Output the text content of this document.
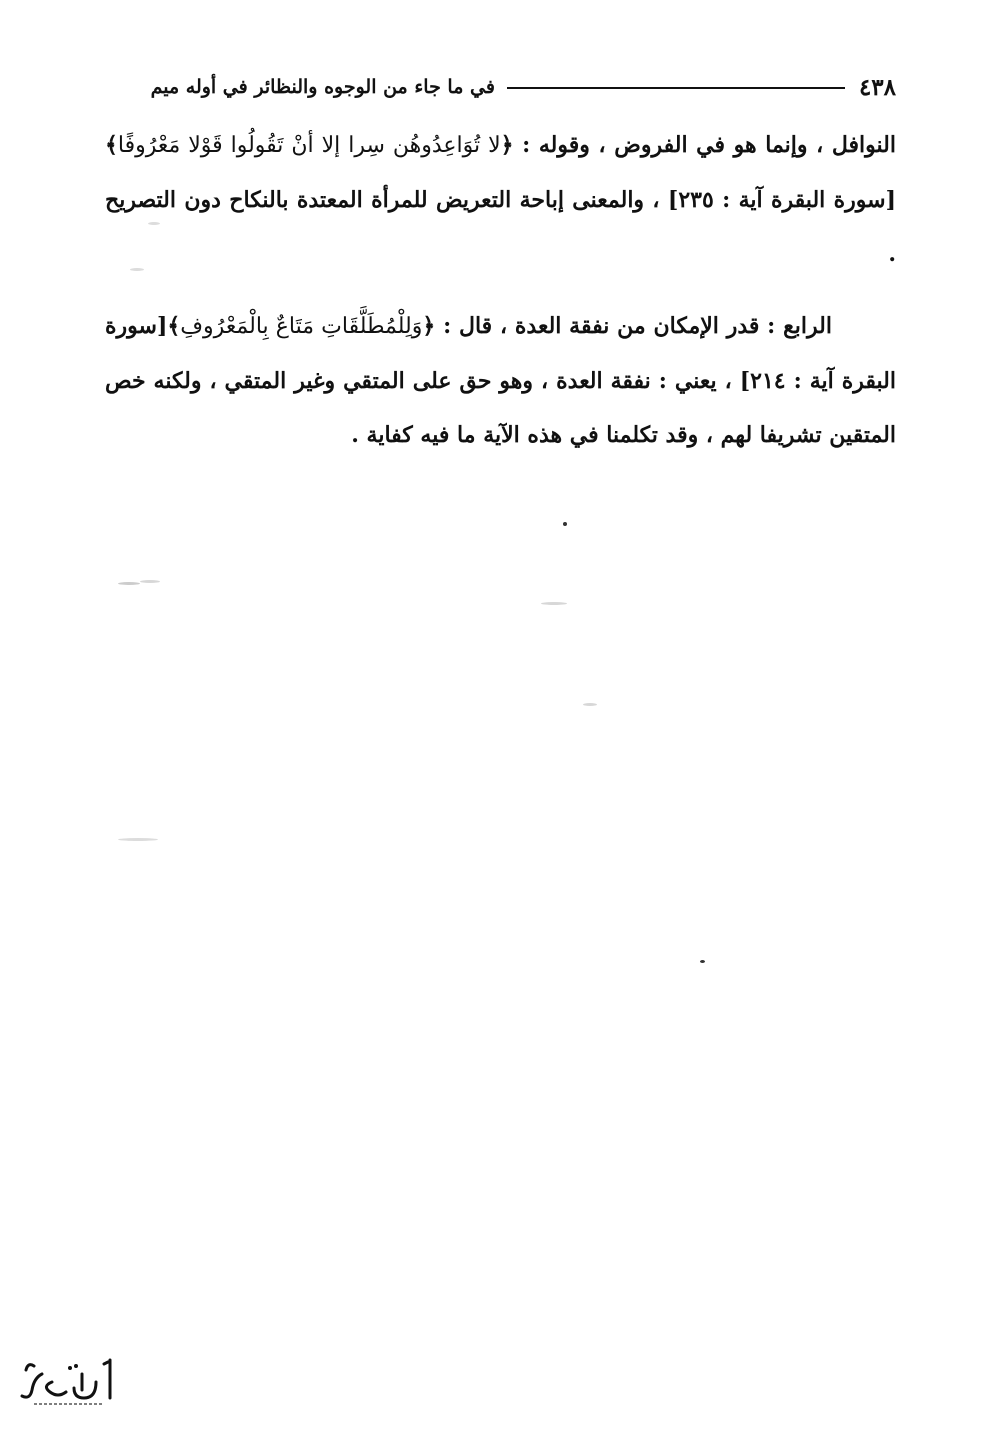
٤٣٨
في ما جاء من الوجوه والنظائر في أوله ميم

النوافل ، وإنما هو في الفروض ، وقوله : ﴿لا تُوَاعِدُوهُن سِرا إلا أنْ تَقُولُوا قَوْلا مَعْرُوفًا﴾[سورة البقرة آية : ٢٣٥] ، والمعنى إباحة التعريض للمرأة المعتدة بالنكاح دون التصريح .

الرابع : قدر الإمكان من نفقة العدة ، قال : ﴿وَلِلْمُطَلَّقَاتِ مَتَاعٌ بِالْمَعْرُوفِ﴾[سورة البقرة آية : ٢١٤] ، يعني : نفقة العدة ، وهو حق على المتقي وغير المتقي ، ولكنه خص المتقين تشريفا لهم ، وقد تكلمنا في هذه الآية ما فيه كفاية .
